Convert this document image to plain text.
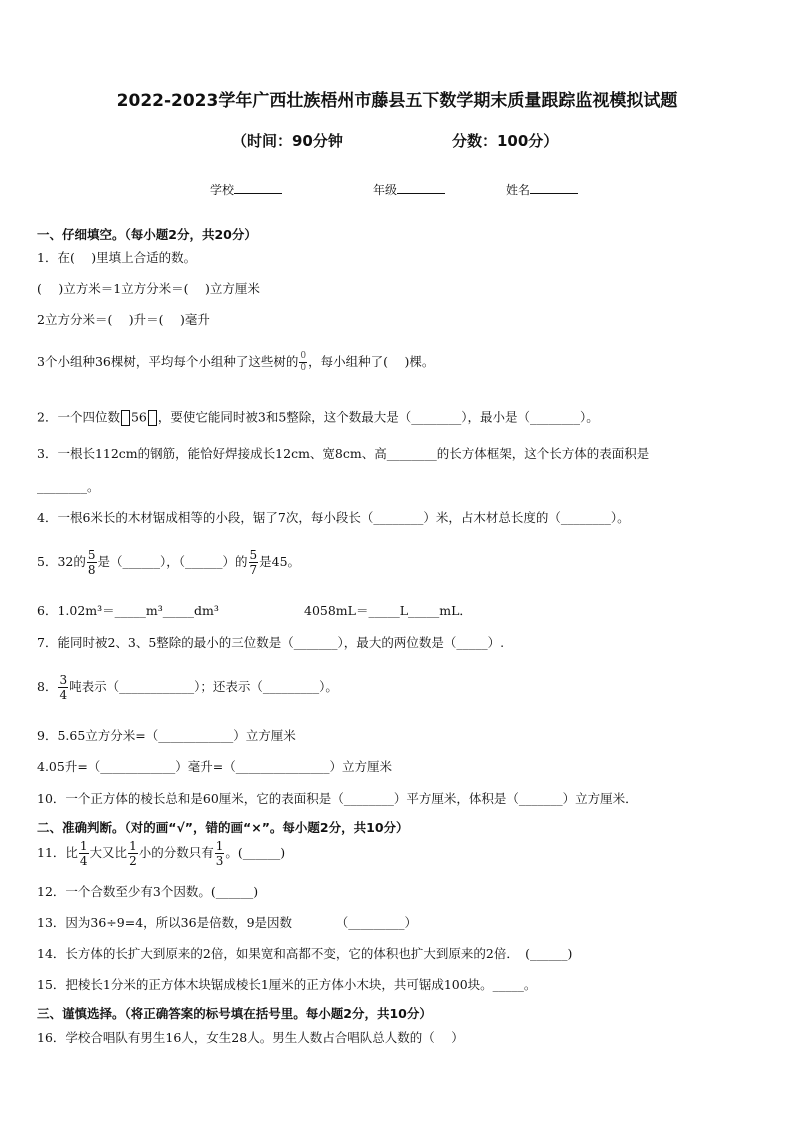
2022-2023学年广西壮族梧州市藤县五下数学期末质量跟踪监视模拟试题
（时间：90分钟	分数：100分）
学校	年级	姓名
一、仔细填空。（每小题2分，共20分）
1．在(　 )里填上合适的数。
(　 )立方米＝1立方分米＝(　 )立方厘米
2立方分米＝(　 )升＝(　 )毫升
3个小组种36棵树，平均每个小组种了这些树的 $\frac{0}{0}$ ，每小组种了(　 )棵。
2．一个四位数 56 ，要使它能同时被3和5整除，这个数最大是（________），最小是（________）。
3．一根长112cm的钢筋，能恰好焊接成长12cm、宽8cm、高________的长方体框架，这个长方体的表面积是
________。
4．一根6米长的木材锯成相等的小段，锯了7次，每小段长（________）米，占木材总长度的（________）。
5．32的 $\frac{5}{8}$ 是（______），（______）的 $\frac{5}{7}$ 是45。
6．1.02m³＝_____m³_____dm³	4058mL＝_____L_____mL．
7．能同时被2、3、5整除的最小的三位数是（_______），最大的两位数是（_____）.
8． $\frac{3}{4}$ 吨表示（____________）；还表示（_________）。
9．5.65立方分米=（____________）立方厘米
4.05升=（____________）毫升=（_______________）立方厘米
10．一个正方体的棱长总和是60厘米，它的表面积是（________）平方厘米，体积是（_______）立方厘米．
二、准确判断。（对的画“√”，错的画“×”。每小题2分，共10分）
11．比 $\frac{1}{4}$ 大又比 $\frac{1}{2}$ 小的分数只有 $\frac{1}{3}$ 。(______)
12．一个合数至少有3个因数。(______)
13．因为36÷9=4，所以36是倍数，9是因数　　　　（_________）
14．长方体的长扩大到原来的2倍，如果宽和高都不变，它的体积也扩大到原来的2倍．　(______)
15．把棱长1分米的正方体木块锯成棱长1厘米的正方体小木块，共可锯成100块。_____。
三、谨慎选择。（将正确答案的标号填在括号里。每小题2分，共10分）
16．学校合唱队有男生16人，女生28人。男生人数占合唱队总人数的（　 ）
